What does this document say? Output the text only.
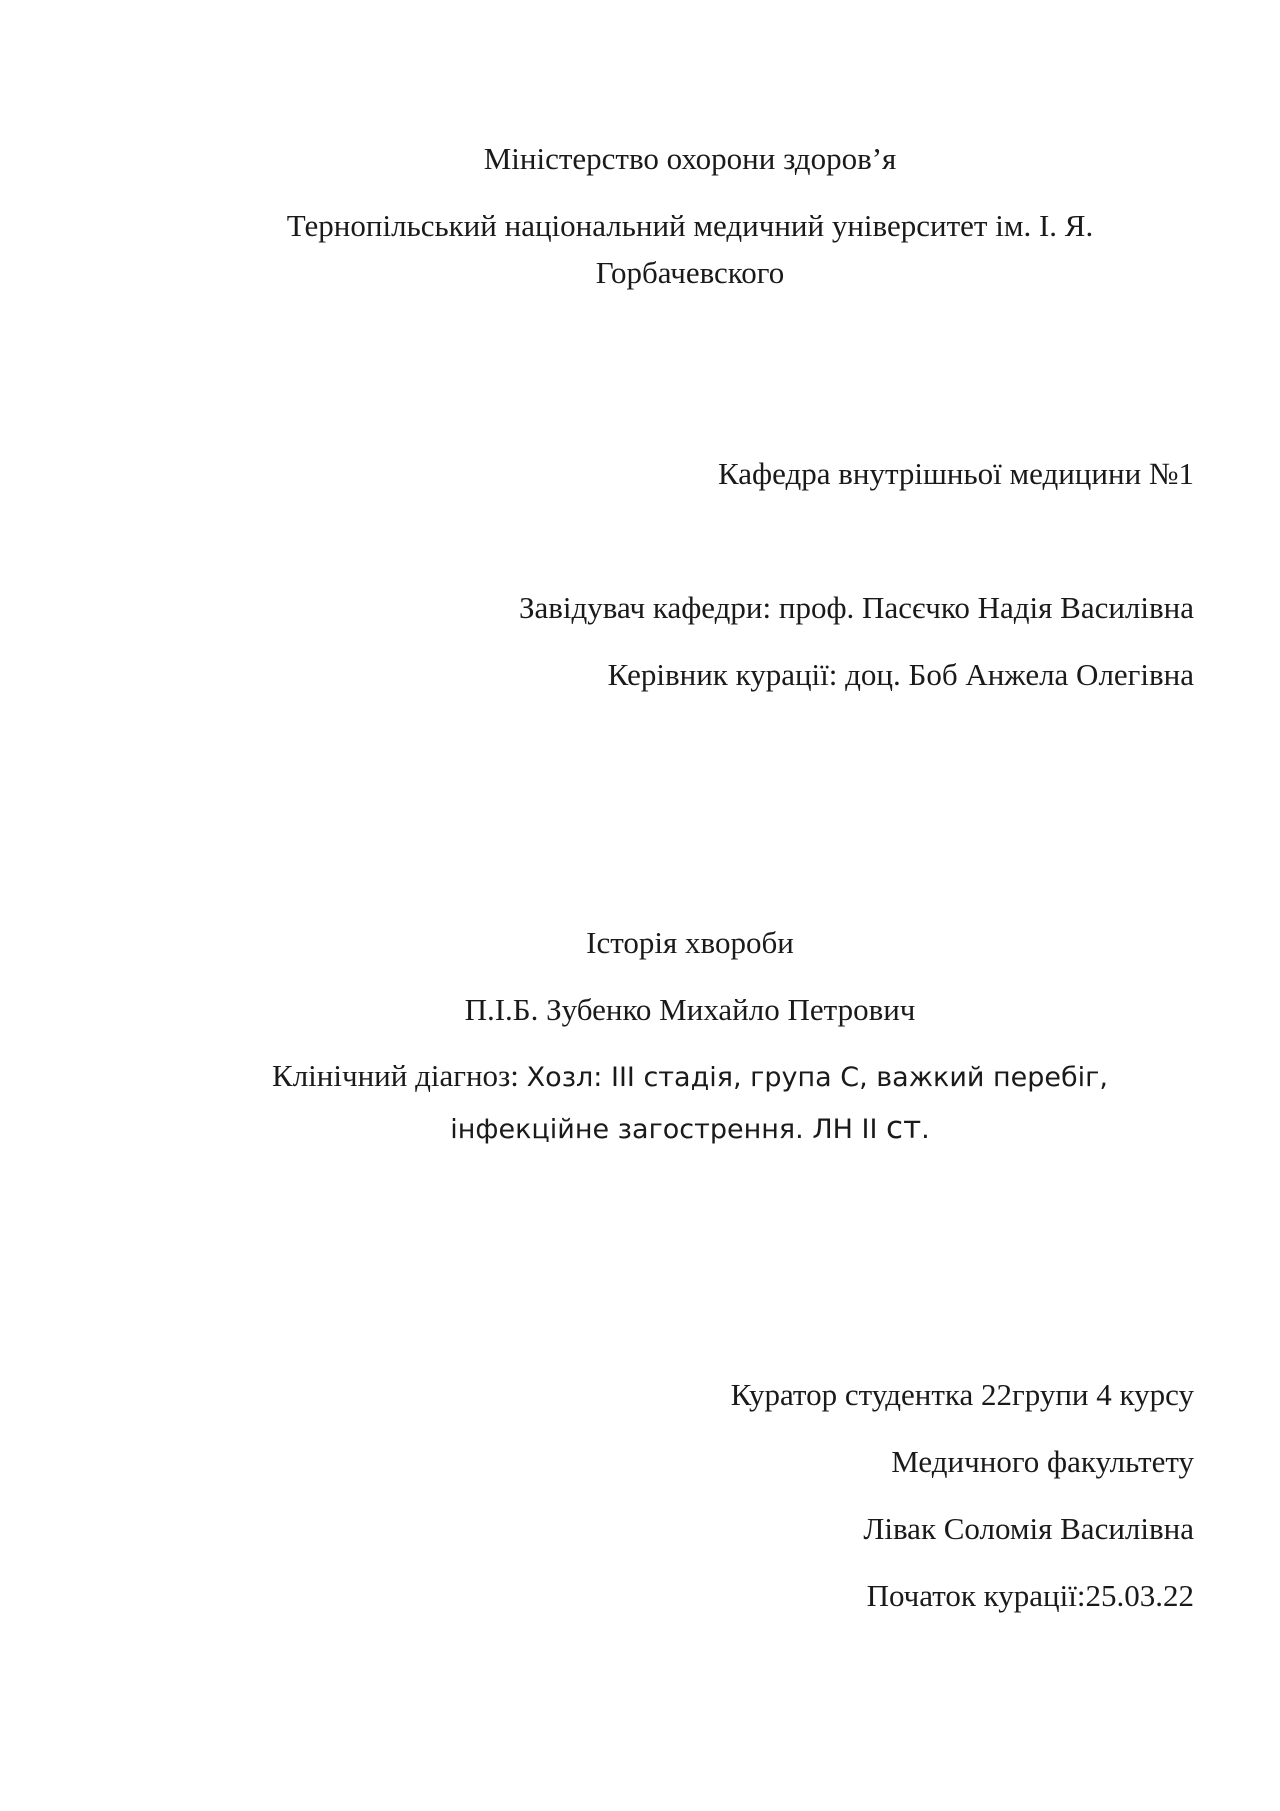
Міністерство охорони здоров’я
Тернопільський національний медичний університет ім. І. Я.
Горбачевского
Кафедра внутрішньої медицини №1
Завідувач кафедри: проф. Пасєчко Надія Василівна
Керівник курації: доц. Боб Анжела Олегівна
Історія хвороби
П.І.Б. Зубенко Михайло Петрович
Клінічний діагноз: Хозл: ІІІ стадія, група С, важкий перебіг,
інфекційне загострення. ЛН ІІ ст.
Куратор студентка 22групи 4 курсу
Медичного факультету
Лівак Соломія Василівна
Початок курації:25.03.22
